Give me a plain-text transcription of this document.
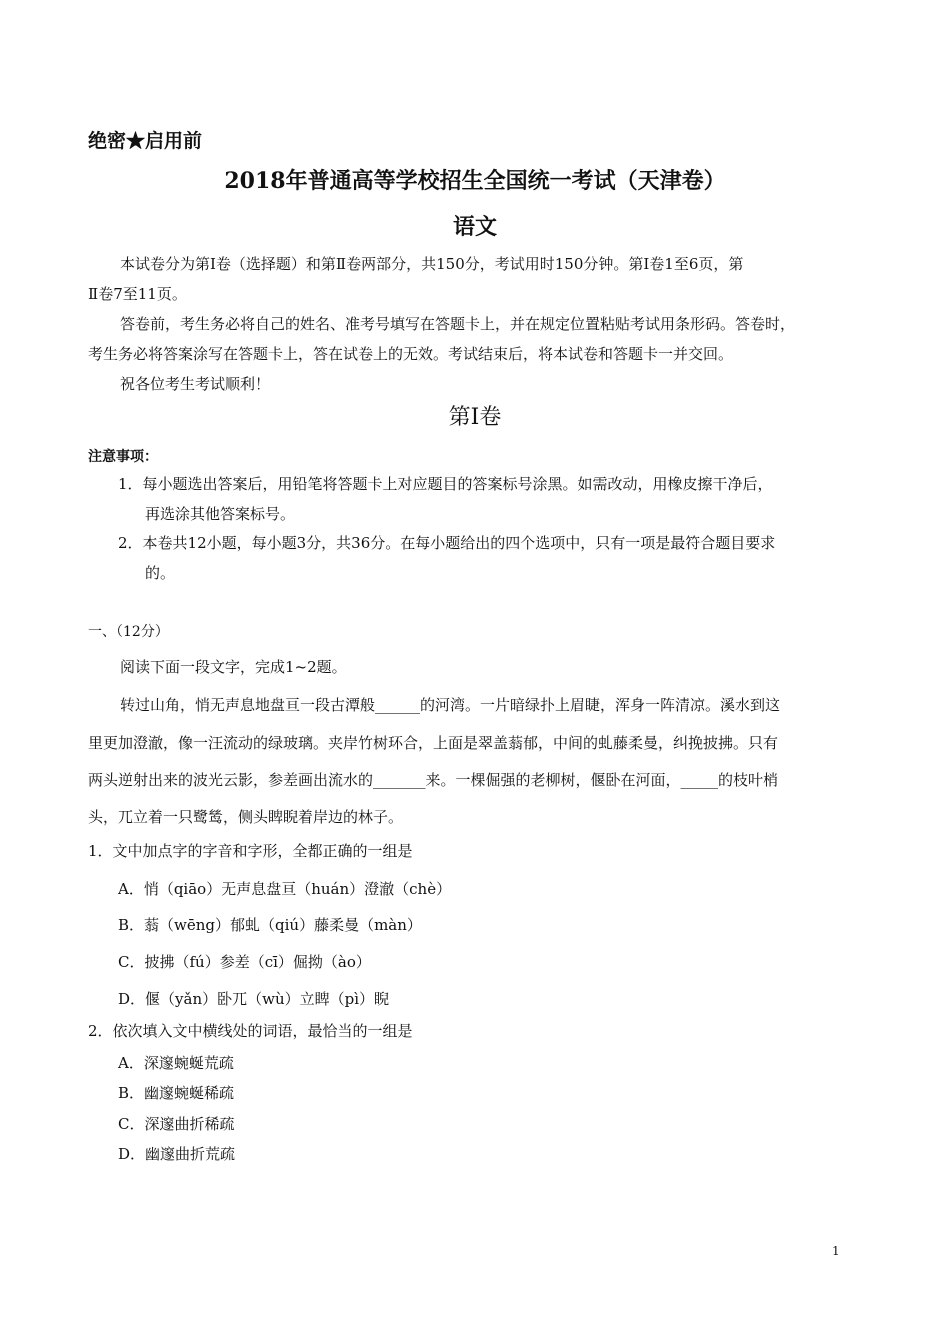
绝密★启用前
2018年普通高等学校招生全国统一考试（天津卷）
语文
本试卷分为第Ⅰ卷（选择题）和第Ⅱ卷两部分，共150分，考试用时150分钟。第Ⅰ卷1至6页，第
Ⅱ卷7至11页。
答卷前，考生务必将自己的姓名、准考号填写在答题卡上，并在规定位置粘贴考试用条形码。答卷时，
考生务必将答案涂写在答题卡上，答在试卷上的无效。考试结束后，将本试卷和答题卡一并交回。
祝各位考生考试顺利！
第Ⅰ卷
注意事项：
1．每小题选出答案后，用铅笔将答题卡上对应题目的答案标号涂黑。如需改动，用橡皮擦干净后，
再选涂其他答案标号。
2．本卷共12小题，每小题3分，共36分。在每小题给出的四个选项中，只有一项是最符合题目要求
的。
一、（12分）
阅读下面一段文字，完成1~2题。
转过山角，悄无声息地盘亘一段古潭般______的河湾。一片暗绿扑上眉睫，浑身一阵清凉。溪水到这
里更加澄澈，像一汪流动的绿玻璃。夹岸竹树环合，上面是翠盖蓊郁，中间的虬藤柔曼，纠挽披拂。只有
两头逆射出来的波光云影，参差画出流水的_______来。一棵倔强的老柳树，偃卧在河面，_____的枝叶梢
头，兀立着一只鹭鸶，侧头睥睨着岸边的林子。
1．文中加点字的字音和字形，全都正确的一组是
A．悄（qiāo）无声息盘亘（huán）澄澈（chè）
B．蓊（wēng）郁虬（qiú）藤柔曼（màn）
C．披拂（fú）参差（cī）倔拗（ào）
D．偃（yǎn）卧兀（wù）立睥（pì）睨
2．依次填入文中横线处的词语，最恰当的一组是
A．深邃蜿蜒荒疏
B．幽邃蜿蜒稀疏
C．深邃曲折稀疏
D．幽邃曲折荒疏
1
